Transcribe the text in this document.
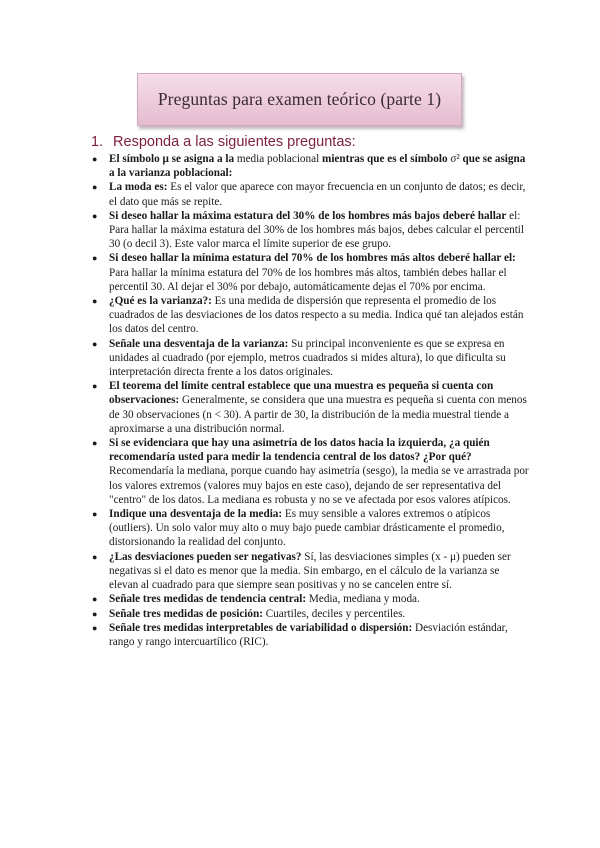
Preguntas para examen teórico (parte 1)
1. Responda a las siguientes preguntas:
● El símbolo μ se asigna a la media poblacional mientras que es el símbolo σ² que se asigna a la varianza poblacional:
● La moda es: Es el valor que aparece con mayor frecuencia en un conjunto de datos; es decir, el dato que más se repite.
● Si deseo hallar la máxima estatura del 30% de los hombres más bajos deberé hallar el: Para hallar la máxima estatura del 30% de los hombres más bajos, debes calcular el percentil 30 (o decil 3). Este valor marca el límite superior de ese grupo.
● Si deseo hallar la mínima estatura del 70% de los hombres más altos deberé hallar el: Para hallar la mínima estatura del 70% de los hombres más altos, también debes hallar el percentil 30. Al dejar el 30% por debajo, automáticamente dejas el 70% por encima.
● ¿Qué es la varianza?: Es una medida de dispersión que representa el promedio de los cuadrados de las desviaciones de los datos respecto a su media. Indica qué tan alejados están los datos del centro.
● Señale una desventaja de la varianza: Su principal inconveniente es que se expresa en unidades al cuadrado (por ejemplo, metros cuadrados si mides altura), lo que dificulta su interpretación directa frente a los datos originales.
● El teorema del límite central establece que una muestra es pequeña si cuenta con observaciones: Generalmente, se considera que una muestra es pequeña si cuenta con menos de 30 observaciones (n < 30). A partir de 30, la distribución de la media muestral tiende a aproximarse a una distribución normal.
● Si se evidenciara que hay una asimetría de los datos hacia la izquierda, ¿a quién recomendaría usted para medir la tendencia central de los datos? ¿Por qué? Recomendaría la mediana, porque cuando hay asimetría (sesgo), la media se ve arrastrada por los valores extremos (valores muy bajos en este caso), dejando de ser representativa del "centro" de los datos. La mediana es robusta y no se ve afectada por esos valores atípicos.
● Indique una desventaja de la media: Es muy sensible a valores extremos o atípicos (outliers). Un solo valor muy alto o muy bajo puede cambiar drásticamente el promedio, distorsionando la realidad del conjunto.
● ¿Las desviaciones pueden ser negativas? Sí, las desviaciones simples (x - μ) pueden ser negativas si el dato es menor que la media. Sin embargo, en el cálculo de la varianza se elevan al cuadrado para que siempre sean positivas y no se cancelen entre sí.
● Señale tres medidas de tendencia central: Media, mediana y moda.
● Señale tres medidas de posición: Cuartiles, deciles y percentiles.
● Señale tres medidas interpretables de variabilidad o dispersión: Desviación estándar, rango y rango intercuartílico (RIC).
